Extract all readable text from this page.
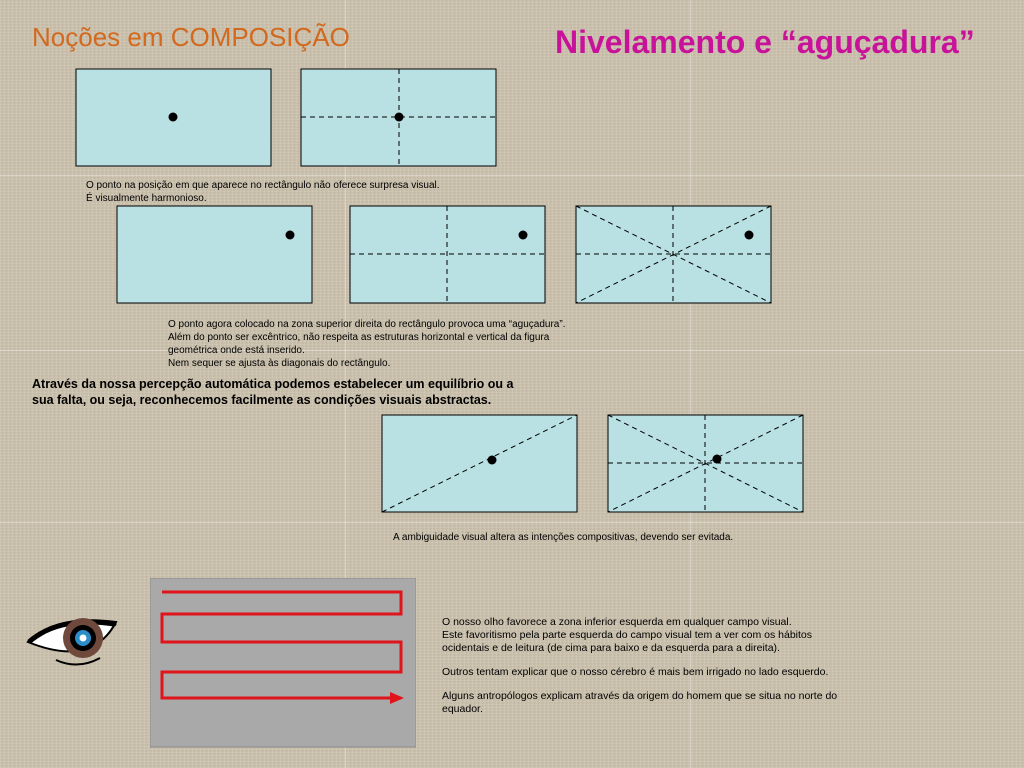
Noções em COMPOSIÇÃO	Nivelamento e “aguçadura”
O ponto na posição em que aparece no rectângulo não oferece surpresa visual.
É visualmente harmonioso.
O ponto agora colocado na zona superior direita do rectângulo provoca uma “aguçadura”.
Além do ponto ser excêntrico, não respeita as estruturas horizontal e vertical da figura
geométrica onde está inserido.
Nem sequer se ajusta às diagonais do rectângulo.
Através da nossa percepção automática podemos estabelecer um equilíbrio ou a sua falta, ou seja, reconhecemos facilmente as condições visuais abstractas.
A ambiguidade visual altera as intenções compositivas, devendo ser evitada.

O nosso olho favorece a zona inferior esquerda em qualquer campo visual.
Este favoritismo pela parte esquerda do campo visual tem a ver com os hábitos
ocidentais e de leitura (de cima para baixo e da esquerda para a direita).

Outros tentam explicar que o nosso cérebro é mais bem irrigado no lado esquerdo.

Alguns antropólogos explicam através da origem do homem que se situa no norte do
equador.
